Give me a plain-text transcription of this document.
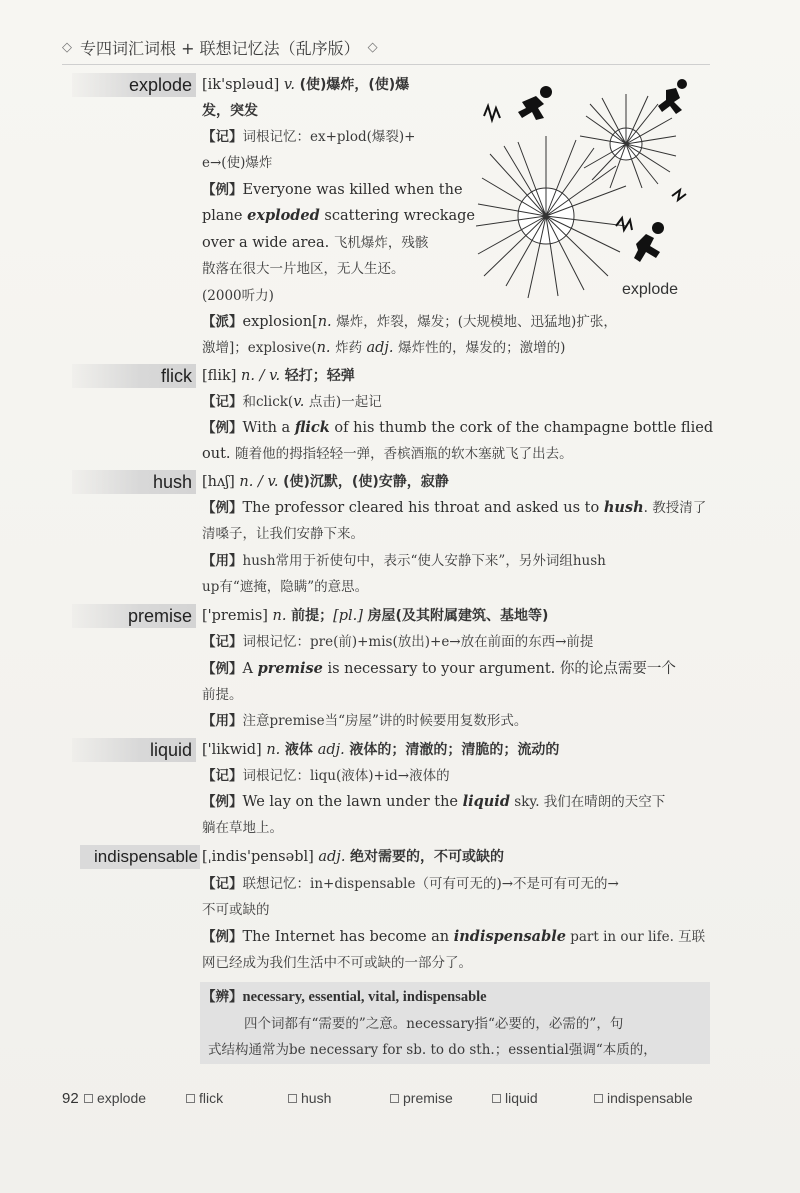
◇ 专四词汇词根 + 联想记忆法（乱序版） ◇
explode
explode [ik'splәud] v. (使)爆炸，(使)爆
发，突发
【记】词根记忆：ex+plod(爆裂)+
e→(使)爆炸
【例】Everyone was killed when the
plane exploded scattering wreckage
over a wide area. 飞机爆炸，残骸
散落在很大一片地区，无人生还。
(2000听力)
【派】explosion[n. 爆炸，炸裂，爆发；(大规模地、迅猛地)扩张，
激增]；explosive(n. 炸药 adj. 爆炸性的，爆发的；激增的)
flick [flik] n. / v. 轻打；轻弹
【记】和click(v. 点击)一起记
【例】With a flick of his thumb the cork of the champagne bottle flied
out. 随着他的拇指轻轻一弹，香槟酒瓶的软木塞就飞了出去。
hush [hʌʃ] n. / v. (使)沉默，(使)安静，寂静
【例】The professor cleared his throat and asked us to hush. 教授清了
清嗓子，让我们安静下来。
【用】hush常用于祈使句中，表示“使人安静下来”，另外词组hush
up有“遮掩，隐瞒”的意思。
premise ['premis] n. 前提；[pl.] 房屋(及其附属建筑、基地等)
【记】词根记忆：pre(前)+mis(放出)+e→放在前面的东西→前提
【例】A premise is necessary to your argument. 你的论点需要一个
前提。
【用】注意premise当“房屋”讲的时候要用复数形式。
liquid ['likwid] n. 液体 adj. 液体的；清澈的；清脆的；流动的
【记】词根记忆：liqu(液体)+id→液体的
【例】We lay on the lawn under the liquid sky. 我们在晴朗的天空下
躺在草地上。
indispensable [ˌindis'pensәbl] adj. 绝对需要的，不可或缺的
【记】联想记忆：in+dispensable（可有可无的)→不是可有可无的→
不可或缺的
【例】The Internet has become an indispensable part in our life. 互联
网已经成为我们生活中不可或缺的一部分了。
【辨】necessary, essential, vital, indispensable
四个词都有“需要的”之意。necessary指“必要的，必需的”，句
式结构通常为be necessary for sb. to do sth.；essential强调“本质的，
92	explode	flick	hush	premise	liquid	indispensable
